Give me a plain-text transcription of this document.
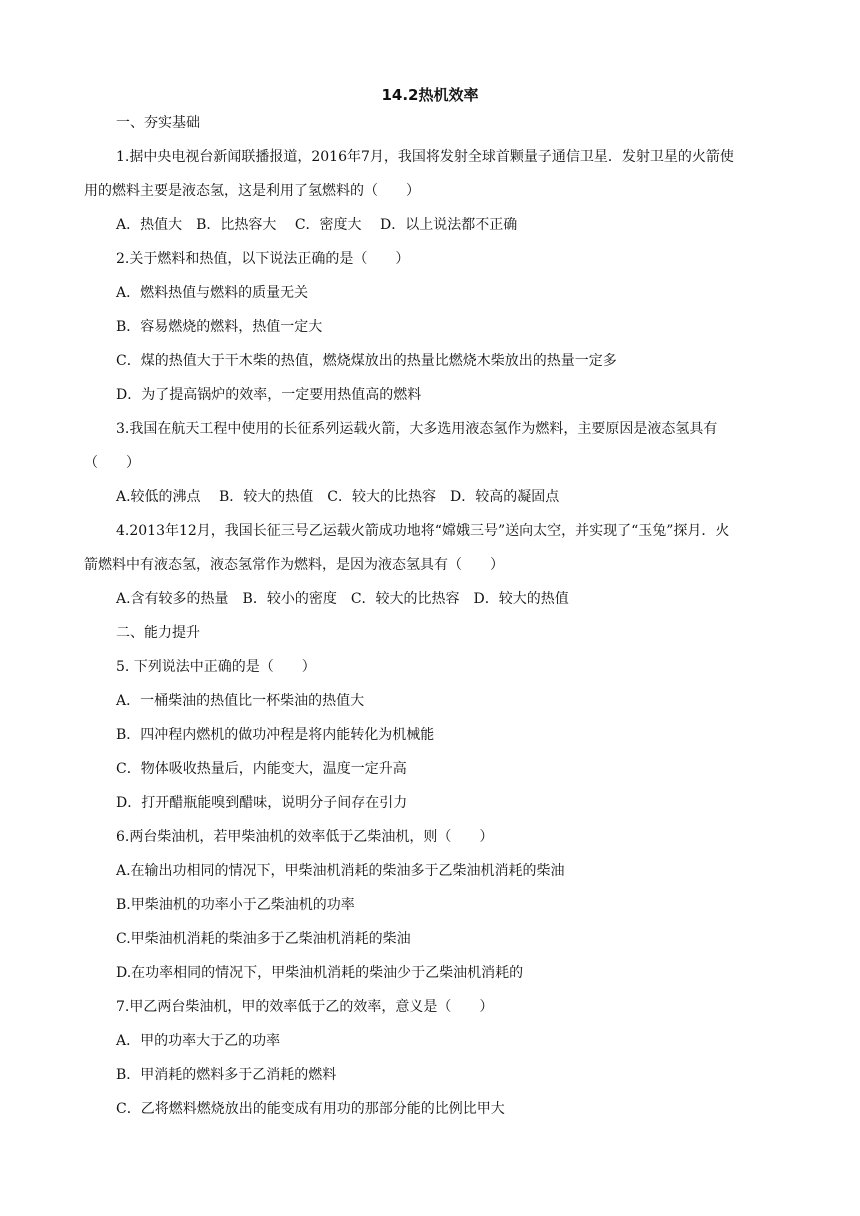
14.2热机效率
一、夯实基础
1.据中央电视台新闻联播报道，2016年7月，我国将发射全球首颗量子通信卫星．发射卫星的火箭使
用的燃料主要是液态氢，这是利用了氢燃料的（　　）
A．热值大　B．比热容大　 C．密度大　 D．以上说法都不正确
2.关于燃料和热值，以下说法正确的是（　　）
A．燃料热值与燃料的质量无关
B．容易燃烧的燃料，热值一定大
C．煤的热值大于干木柴的热值，燃烧煤放出的热量比燃烧木柴放出的热量一定多
D．为了提高锅炉的效率，一定要用热值高的燃料
3.我国在航天工程中使用的长征系列运载火箭，大多选用液态氢作为燃料，主要原因是液态氢具有
（　　）
A.较低的沸点　 B．较大的热值　C．较大的比热容　D．较高的凝固点
4.2013年12月，我国长征三号乙运载火箭成功地将“嫦娥三号”送向太空，并实现了“玉兔”探月．火
箭燃料中有液态氢，液态氢常作为燃料，是因为液态氢具有（　　）
A.含有较多的热量　B．较小的密度　C．较大的比热容　D．较大的热值
二、能力提升
5. 下列说法中正确的是（　　）
A．一桶柴油的热值比一杯柴油的热值大
B．四冲程内燃机的做功冲程是将内能转化为机械能
C．物体吸收热量后，内能变大，温度一定升高
D．打开醋瓶能嗅到醋味，说明分子间存在引力
6.两台柴油机，若甲柴油机的效率低于乙柴油机，则（　　）
A.在输出功相同的情况下，甲柴油机消耗的柴油多于乙柴油机消耗的柴油
B.甲柴油机的功率小于乙柴油机的功率
C.甲柴油机消耗的柴油多于乙柴油机消耗的柴油
D.在功率相同的情况下，甲柴油机消耗的柴油少于乙柴油机消耗的
7.甲乙两台柴油机，甲的效率低于乙的效率，意义是（　　）
A．甲的功率大于乙的功率
B．甲消耗的燃料多于乙消耗的燃料
C．乙将燃料燃烧放出的能变成有用功的那部分能的比例比甲大
